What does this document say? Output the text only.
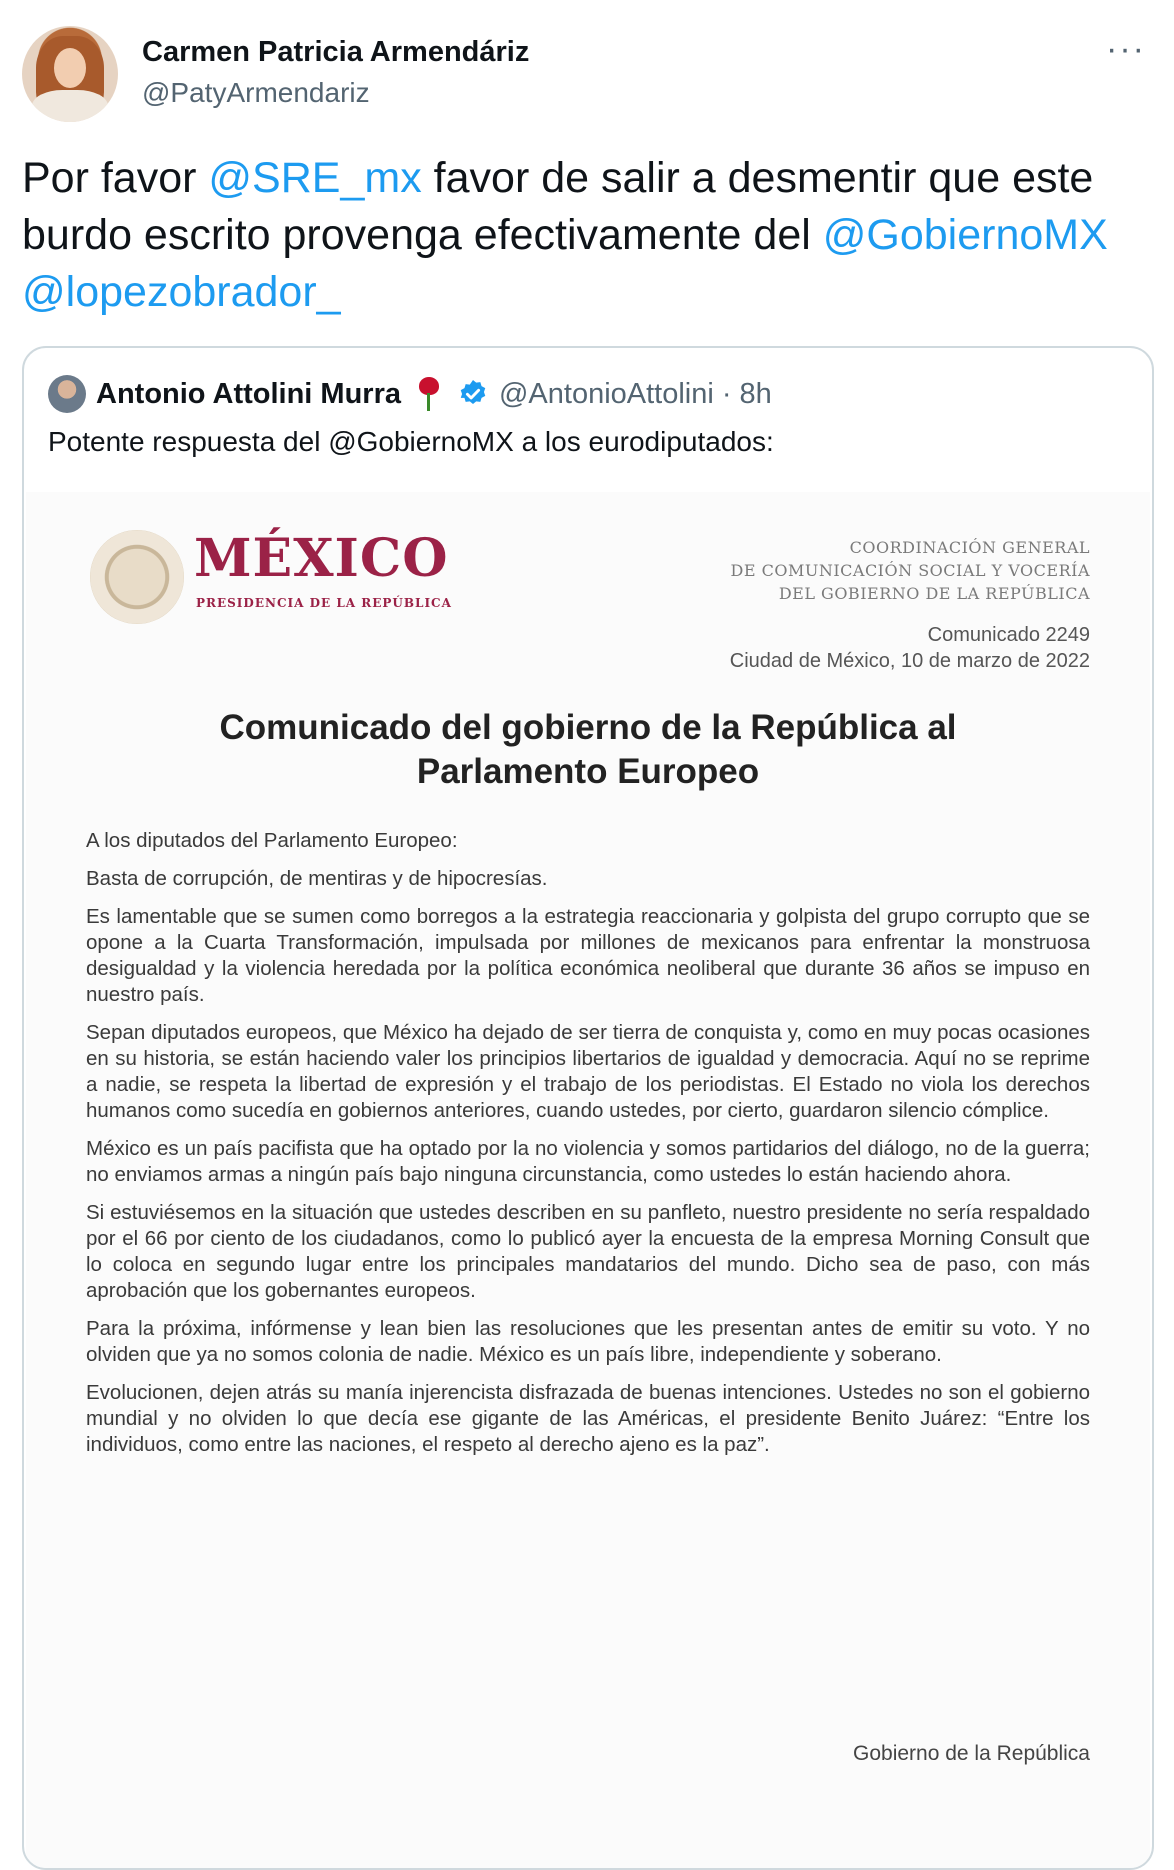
Carmen Patricia Armendáriz
@PatyArmendariz
···
Por favor @SRE_mx favor de salir a desmentir que este burdo escrito provenga efectivamente del @GobiernoMX @lopezobrador_
Antonio Attolini Murra	@AntonioAttolini · 8h
Potente respuesta del @GobiernoMX a los eurodiputados:
MÉXICO
PRESIDENCIA DE LA REPÚBLICA
COORDINACIÓN GENERAL
DE COMUNICACIÓN SOCIAL Y VOCERÍA
DEL GOBIERNO DE LA REPÚBLICA
Comunicado 2249
Ciudad de México, 10 de marzo de 2022
Comunicado del gobierno de la República al
Parlamento Europeo

A los diputados del Parlamento Europeo:

Basta de corrupción, de mentiras y de hipocresías.

Es lamentable que se sumen como borregos a la estrategia reaccionaria y golpista del grupo corrupto que se opone a la Cuarta Transformación, impulsada por millones de mexicanos para enfrentar la monstruosa desigualdad y la violencia heredada por la política económica neoliberal que durante 36 años se impuso en nuestro país.

Sepan diputados europeos, que México ha dejado de ser tierra de conquista y, como en muy pocas ocasiones en su historia, se están haciendo valer los principios libertarios de igualdad y democracia. Aquí no se reprime a nadie, se respeta la libertad de expresión y el trabajo de los periodistas. El Estado no viola los derechos humanos como sucedía en gobiernos anteriores, cuando ustedes, por cierto, guardaron silencio cómplice.

México es un país pacifista que ha optado por la no violencia y somos partidarios del diálogo, no de la guerra; no enviamos armas a ningún país bajo ninguna circunstancia, como ustedes lo están haciendo ahora.

Si estuviésemos en la situación que ustedes describen en su panfleto, nuestro presidente no sería respaldado por el 66 por ciento de los ciudadanos, como lo publicó ayer la encuesta de la empresa Morning Consult que lo coloca en segundo lugar entre los principales mandatarios del mundo. Dicho sea de paso, con más aprobación que los gobernantes europeos.

Para la próxima, infórmense y lean bien las resoluciones que les presentan antes de emitir su voto. Y no olviden que ya no somos colonia de nadie. México es un país libre, independiente y soberano.

Evolucionen, dejen atrás su manía injerencista disfrazada de buenas intenciones. Ustedes no son el gobierno mundial y no olviden lo que decía ese gigante de las Américas, el presidente Benito Juárez: “Entre los individuos, como entre las naciones, el respeto al derecho ajeno es la paz”.

Gobierno de la República
